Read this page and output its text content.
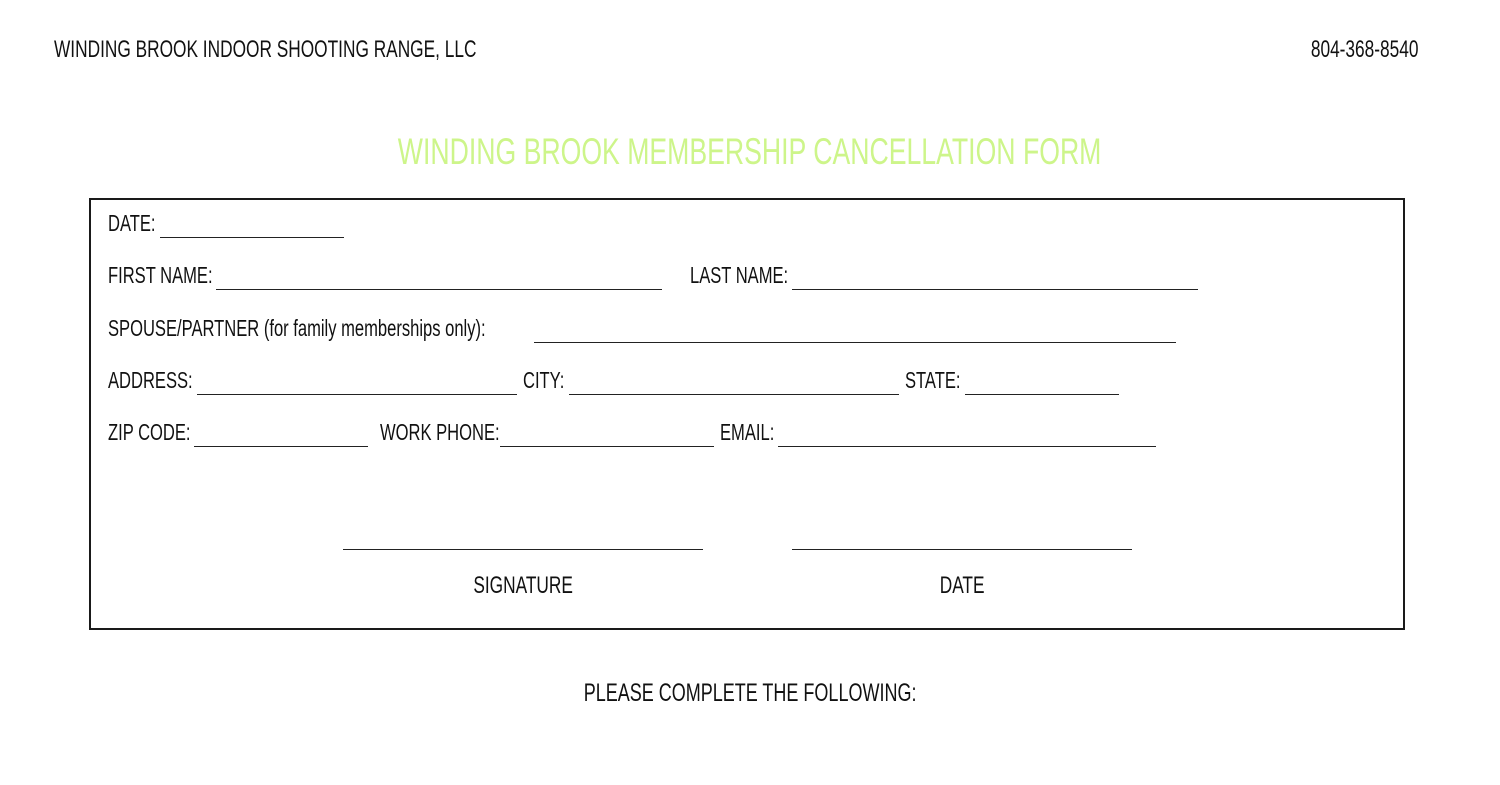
WINDING BROOK INDOOR SHOOTING RANGE, LLC	804-368-8540
WINDING BROOK MEMBERSHIP CANCELLATION FORM
DATE:
FIRST NAME:	LAST NAME:
SPOUSE/PARTNER (for family memberships only):
ADDRESS:	CITY:	STATE:
ZIP CODE:	WORK PHONE:	EMAIL:
SIGNATURE	DATE
PLEASE COMPLETE THE FOLLOWING:
